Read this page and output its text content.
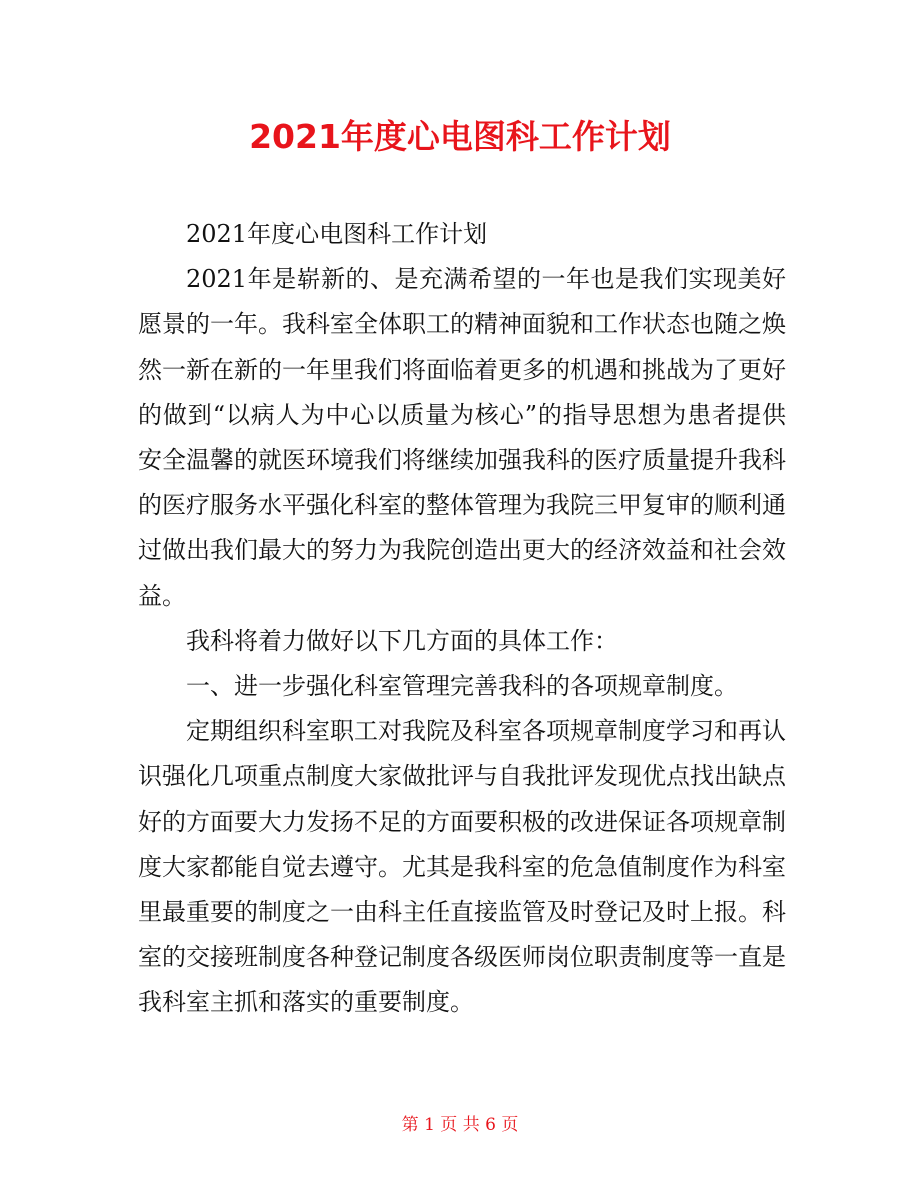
2021年度心电图科工作计划

2021年度心电图科工作计划

2021年是崭新的、是充满希望的一年也是我们实现美好愿景的一年。我科室全体职工的精神面貌和工作状态也随之焕然一新在新的一年里我们将面临着更多的机遇和挑战为了更好的做到“以病人为中心以质量为核心”的指导思想为患者提供安全温馨的就医环境我们将继续加强我科的医疗质量提升我科的医疗服务水平强化科室的整体管理为我院三甲复审的顺利通过做出我们最大的努力为我院创造出更大的经济效益和社会效益。

我科将着力做好以下几方面的具体工作：

一、进一步强化科室管理完善我科的各项规章制度。

定期组织科室职工对我院及科室各项规章制度学习和再认识强化几项重点制度大家做批评与自我批评发现优点找出缺点好的方面要大力发扬不足的方面要积极的改进保证各项规章制度大家都能自觉去遵守。尤其是我科室的危急值制度作为科室里最重要的制度之一由科主任直接监管及时登记及时上报。科室的交接班制度各种登记制度各级医师岗位职责制度等一直是我科室主抓和落实的重要制度。

第 1 页 共 6 页
